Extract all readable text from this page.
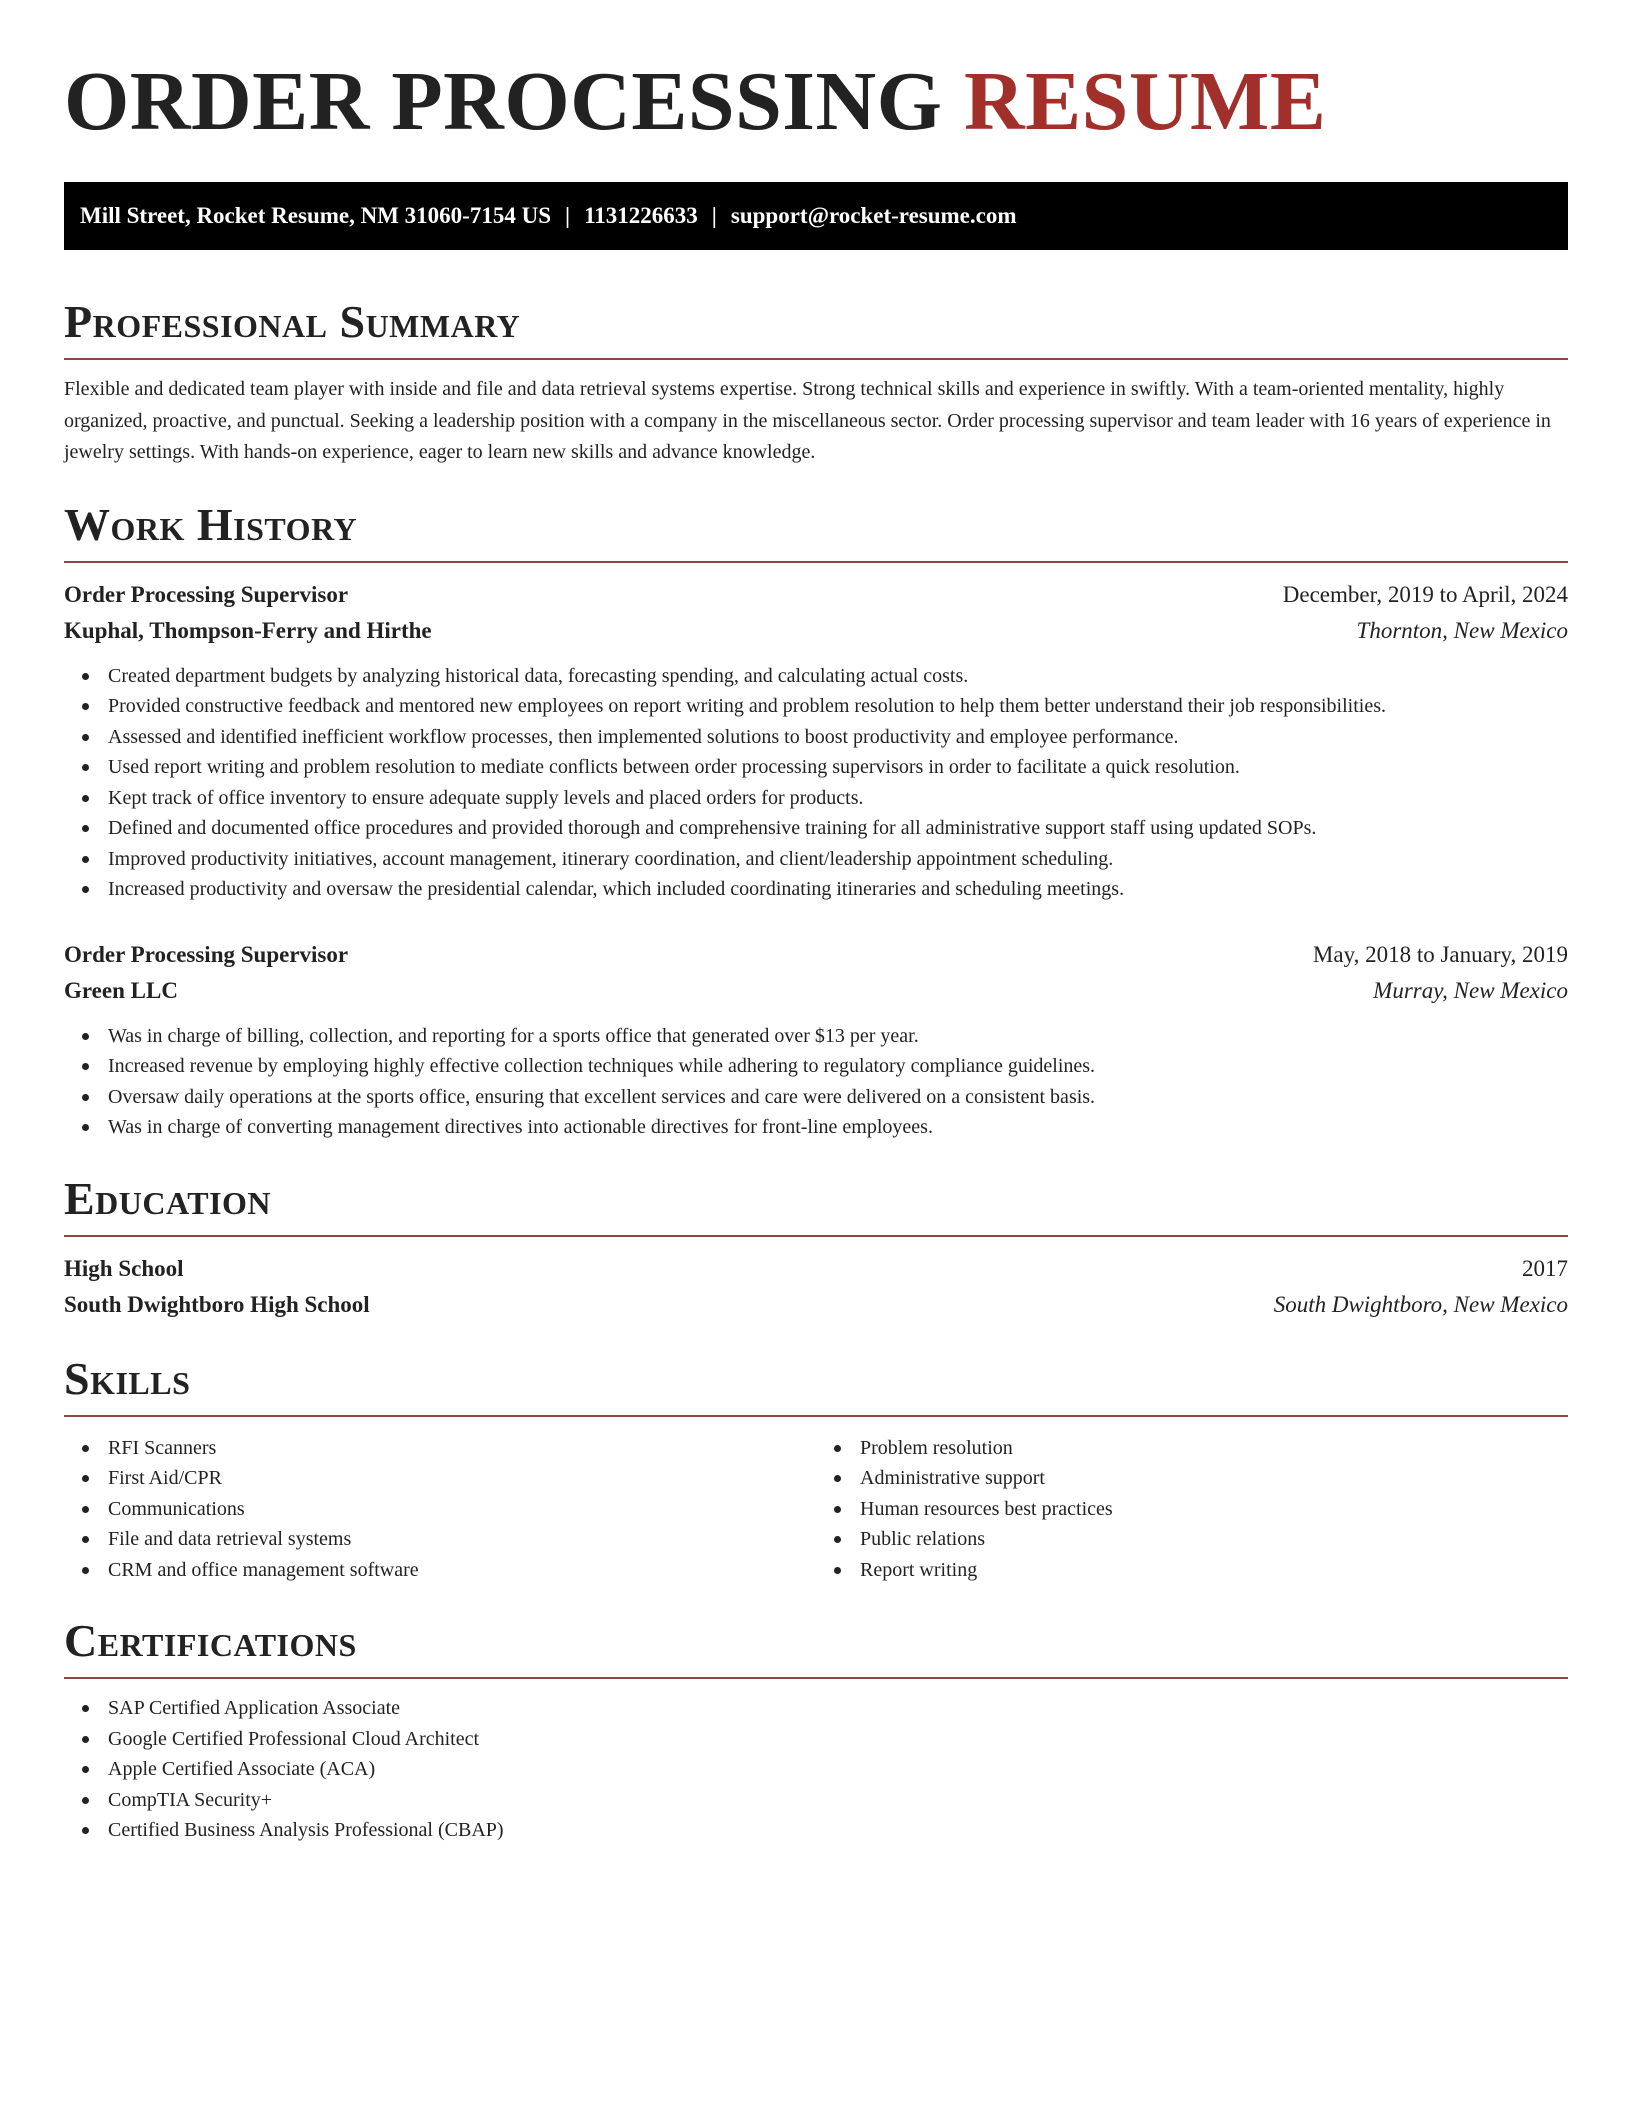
ORDER PROCESSING RESUME
Mill Street, Rocket Resume, NM 31060-7154 US | 1131226633 | support@rocket-resume.com
Professional Summary

Flexible and dedicated team player with inside and file and data retrieval systems expertise. Strong technical skills and experience in swiftly. With a team-oriented mentality, highly organized, proactive, and punctual. Seeking a leadership position with a company in the miscellaneous sector. Order processing supervisor and team leader with 16 years of experience in jewelry settings. With hands-on experience, eager to learn new skills and advance knowledge.

Work History
Order Processing Supervisor	December, 2019 to April, 2024
Kuphal, Thompson-Ferry and Hirthe	Thornton, New Mexico
Created department budgets by analyzing historical data, forecasting spending, and calculating actual costs.
Provided constructive feedback and mentored new employees on report writing and problem resolution to help them better understand their job responsibilities.
Assessed and identified inefficient workflow processes, then implemented solutions to boost productivity and employee performance.
Used report writing and problem resolution to mediate conflicts between order processing supervisors in order to facilitate a quick resolution.
Kept track of office inventory to ensure adequate supply levels and placed orders for products.
Defined and documented office procedures and provided thorough and comprehensive training for all administrative support staff using updated SOPs.
Improved productivity initiatives, account management, itinerary coordination, and client/leadership appointment scheduling.
Increased productivity and oversaw the presidential calendar, which included coordinating itineraries and scheduling meetings.
Order Processing Supervisor	May, 2018 to January, 2019
Green LLC	Murray, New Mexico
Was in charge of billing, collection, and reporting for a sports office that generated over $13 per year.
Increased revenue by employing highly effective collection techniques while adhering to regulatory compliance guidelines.
Oversaw daily operations at the sports office, ensuring that excellent services and care were delivered on a consistent basis.
Was in charge of converting management directives into actionable directives for front-line employees.
Education
High School	2017
South Dwightboro High School	South Dwightboro, New Mexico
Skills
RFI Scanners
First Aid/CPR
Communications
File and data retrieval systems
CRM and office management software
Problem resolution
Administrative support
Human resources best practices
Public relations
Report writing
Certifications
SAP Certified Application Associate
Google Certified Professional Cloud Architect
Apple Certified Associate (ACA)
CompTIA Security+
Certified Business Analysis Professional (CBAP)
